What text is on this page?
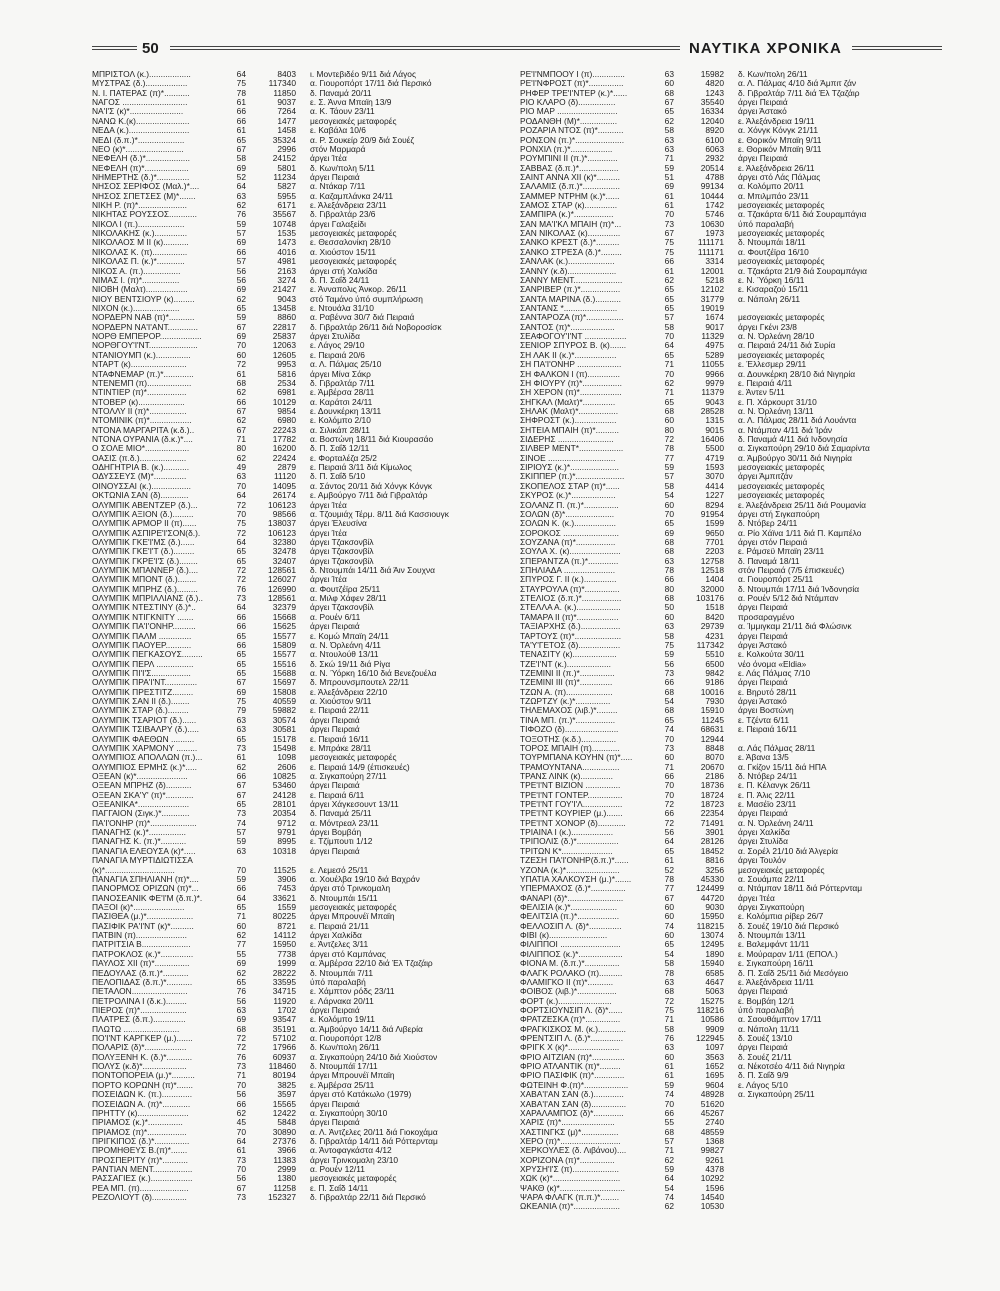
50	ΝΑΥΤΙΚΑ ΧΡΟΝΙΚΑ
ΜΠΡΙΣΤΟΛ (κ.)..................	64	8403 ι. Μοντεβιδέο 9/11 διά Λάγος
ΜΥΣΤΡΑΣ (δ.)..................	75	117340 α. Γιουροπόρτ 17/11 διά Περσικό
Ν. Ι. ΠΑΤΕΡΑΣ (π)*...........	78	11850 δ. Παναμά 20/11
ΝΑΓΟΣ ............................	61	9037 ε. Σ. Άννα Μπαϊη 13/9
ΝΑ'Ι'Σ (κ)*.......................	66	7264 α. Κ. Τάουν 23/11
ΝΑΝΩ Κ.(κ).......................	66	1477 μεσογειακές μεταφορές
ΝΕΔΑ (κ.)..........................	61	1458 ε. Καβάλα 10/6
ΝΕΔΙ (δ.π.)*....................	65	35324 α. Ρ. Σουκείρ 20/9 διά Σουέζ
ΝΕΟ (κ)*.........................	67	2996 στόν Μαρμαρά
ΝΕΦΕΛΗ (δ.)*...................	58	24152 άργει Ίτέα
ΝΕΦΕΛΗ (π)*...................	69	5801 δ. Κων/πολη 5/11
ΝΗΜΕΡΤΗΣ (δ.)*..............	52	11234 άργει Πειραιά
ΝΗΣΟΣ ΣΕΡΙΦΟΣ (Μαλ.)*....	64	5827 α. Ντάκαρ 7/11
ΝΗΣΟΣ ΣΠΕΤΣΕΣ (Μ)*.......	63	5955 α. Καζαμπλάνκα 24/11
ΝΙΚΗ Ρ. (π)*.....................	62	6171 ε. Άλεξάνδρεια 23/11
ΝΙΚΗΤΑΣ ΡΟΥΣΣΟΣ............	76	35567 δ. Γιβραλτάρ 23/6
ΝΙΚΟΛ Ι (π.)....................	59	10748 άργει Γαλαξείδι
ΝΙΚΟΛΑΚΗΣ (κ.)..............	57	1535 μεσογειακές μεταφορές
ΝΙΚΟΛΑΟΣ Μ ΙΙ (κ)...........	69	1473 ε. Θεσσαλονίκη 28/10
ΝΙΚΟΛΑΣ Κ. (π)...............	66	4016 α. Χιούστον 15/11
ΝΙΚΟΛΑΣ Π. (κ.)*............	57	4981 μεσογειακές μεταφορές
ΝΙΚΟΣ Α. (π.)................	56	2163 άργει στή Χαλκίδα
ΝΙΜΑΣ Ι. (π)*................	56	3274 δ. Π. Σαΐδ 24/11
ΝΙΟΒΗ (Μαλτ)..................	69	21427 ε. Άνναπολις Άνκορ. 26/11
ΝΙΟΥ ΒΕΝΤΣΙΟΥΡ (κ).........	62	9043 στό Ταμάνο ύπό συμπλήρωση
ΝΙΧΟΝ (κ.)....................	65	13458 ε. Ντουάλα 31/10
ΝΟΡΔΕΡΝ ΝΑΒ (π)*...........	59	8860 α. Ραβέννα 30/7 διά Πειραιά
ΝΟΡΔΕΡΝ ΝΑ'Ι'ΑΝΤ.............	67	22817 δ. Γιβραλτάρ 26/11 διά Νοβοροσίσκ
ΝΟΡΘ ΕΜΠΕΡΟΡ..................	69	25837 άργει Στυλίδα
ΝΟΡΘΓΟΥ'Ι'ΝΤ.....................	70	12063 ε. Λάγος 29/10
ΝΤΑΝΙΟΥΜΠ (κ.)...............	60	12605 ε. Πειραιά 20/6
ΝΤΑΡΤ (κ)........................	72	9953 α. Λ. Πάλμας 25/10
ΝΤΑΦΝΕΜΑΡ (π.)*.............	61	5816 άργει Μίνα Σάκρ
ΝΤΕΝΕΜΠ (π)...................	68	2534 δ. Γιβραλτάρ 7/11
ΝΤΙΝΤΙΕΡ (π)*.................	62	6981 ε. Άμβέρσα 28/11
ΝΤΟΒΕΡ (κ)....................	66	10129 α. Καράτσι 24/11
ΝΤΟΛΛΥ ΙΙ (π)*................	67	9854 ε. Δουνκέρκη 13/11
ΝΤΟΜΙΝΙΚ (π)*..................	62	6980 ε. Κολόμπο 2/10
ΝΤΟΝΑ ΜΑΡΓΑΡΙΤΑ (κ.δ.)..	67	22243 α. Σιλικάπ 28/11
ΝΤΟΝΑ ΟΥΡΑΝΙΑ (δ.κ.)*....	71	17782 α. Βοστώνη 18/11 διά Κιουρασάο
Ο ΣΟΛΕ ΜΙΟ*...................	80	16200 δ. Π. Σαΐδ 12/11
ΟΑΣΙΣ (π.δ.)....................	62	22424 ε. Φορταλέζα 25/2
ΟΔΗΓΗΤΡΙΑ Β. (κ.)...........	49	2879 ε. Πειραιά 3/11 διά Κίμωλος
ΟΔΥΣΣΕΥΣ (Μ)*..............	63	11120 δ. Π. Σαΐδ 5/10
ΟΙΝΟΥΣΣΑΙ (κ.).................	70	14095 α. Σάντος 20/11 διά Χόνγκ Κόνγκ
ΟΚΤΩΝΙΑ ΣΑΝ (δ)............	64	26174 ε. Αμβούργο 7/11 διά Γιβραλτάρ
ΟΛΥΜΠΙΚ ΑΒΕΝΤΖΕΡ (δ.)...	72	106123 άργει Ίτέα
ΟΛΥΜΠΙΚ ΑΞΙΟΝ (δ.).........	70	98566 α. Τζουμιάχ Τέρμ. 8/11 διά Κασσιουγκ
ΟΛΥΜΠΙΚ ΑΡΜΟΡ ΙΙ (π)......	75	138037 άργει Έλευσίνα
ΟΛΥΜΠΙΚ ΑΣΠΙΡΕ'Ι'ΣΟΝ(δ.).	72	106123 άργει Ίτέα
ΟΛΥΜΠΙΚ ΓΚΕ'Ι'ΜΣ (δ.)......	64	32380 άργει Τζακσονβίλ
ΟΛΥΜΠΙΚ ΓΚΕ'Ι'Τ (δ.).........	65	32478 άργει Τζακσονβίλ
ΟΛΥΜΠΙΚ ΓΚΡΕ'Ι'Σ (δ.)........	65	32407 άργει Τζακσονβίλ
ΟΛΥΜΠΙΚ ΜΠΑΝΝΕΡ (δ.)....	72	128561 δ. Ντουμπάι 14/11 διά Άιν Σουχνα
ΟΛΥΜΠΙΚ ΜΠΟΝΤ (δ.)........	72	126027 άργει Ίτέα
ΟΛΥΜΠΙΚ ΜΠΡΗΖ (δ.).........	76	126990 α. Φουτζέϊρα 25/11
ΟΛΥΜΠΙΚ ΜΠΡΙΛΛΙΑΝΣ (δ.)..	73	128561 α. Μιλφ Χάφεν 28/11
ΟΛΥΜΠΙΚ ΝΤΕΣΤΙΝΥ (δ.)*..	64	32379 άργει Τζακσονβίλ
ΟΛΥΜΠΙΚ ΝΤΙΓΚΝΙΤΥ .......	66	15668 α. Ρουέν 6/11
ΟΛΥΜΠΙΚ ΠΑ'Ι'ΟΝΗΡ..........	66	15625 άργει Πειραιά
ΟΛΥΜΠΙΚ ΠΑΛΜ ..............	65	15577 ε. Κομώ Μπαϊη 24/11
ΟΛΥΜΠΙΚ ΠΑΟΥΕΡ...........	66	15809 α. Ν. Όρλεάνη 4/11
ΟΛΥΜΠΙΚ ΠΕΓΚΑΣΟΥΣ.........	65	15577 α. Ντουλούθ 13/11
ΟΛΥΜΠΙΚ ΠΕΡΛ ................	65	15516 δ. Σκώ 19/11 διά Ρίγα
ΟΛΥΜΠΙΚ ΠΙ'Ι'Σ.................	65	15688 α. Ν. Ύόρκη 16/10 διά Βενεζουέλα
ΟΛΥΜΠΙΚ ΠΡΑ'Ι'ΝΤ..............	67	15697 δ. Μπρουνσμπουτελ 22/11
ΟΛΥΜΠΙΚ ΠΡΕΣΤΙΤΖ.........	69	15808 ε. Άλεξάνδρεια 22/10
ΟΛΥΜΠΙΚ ΣΑΝ ΙΙ (δ.)........	75	40559 α. Χιούστον 9/11
ΟΛΥΜΠΙΚ ΣΤΑΡ (δ.).........	79	59882 ε. Πειραιά 22/11
ΟΛΥΜΠΙΚ ΤΣΑΡΙΟΤ (δ.)......	63	30574 άργει Πειραιά
ΟΛΥΜΠΙΚ ΤΣΙΒΑΛΡΥ (δ.).....	63	30581 άργει Πειραιά
ΟΛΥΜΠΙΚ ΦΑΕΘΩΝ ..........	65	15178 ε. Πειραιά 16/11
ΟΛΥΜΠΙΚ ΧΑΡΜΟΝΥ .........	73	15498 ε. Μπράκε 28/11
ΟΛΥΜΠΙΟΣ ΑΠΟΛΛΩΝ (π.)...	61	1098 μεσογειακές μεταφορές
ΟΛΥΜΠΙΟΣ ΕΡΜΗΣ (κ.)*.....	62	2606 ε. Πειραιά 14/9 (έπισκευές)
ΟΞΕΑΝ (κ)*......................	66	10825 α. Σιγκαπούρη 27/11
ΟΞΕΑΝ ΜΠΡΗΖ (δ)...........	67	53460 άργει Πειραιά
ΟΞΕΑΝ ΣΚΑ'Υ' (π)*............	67	24128 ε. Πειραιά 6/11
ΟΞΕΑΝΙΚΑ*......................	65	28101 άργει Χάγκεσουντ 13/11
ΠΑΓΓΑΙΟΝ (Σιγκ.)*............	73	20354 δ. Παναμά 25/11
ΠΑ'Ι'ΟΝΗΡ (π)*....................	74	9712 α. Μόντρεαλ 23/11
ΠΑΝΑΓΗΣ (κ.)*................	57	9791 άργει Βομβάη
ΠΑΝΑΓΗΣ Κ. (π.)*...........	59	8995 ε. Τζίμπουτι 1/12
ΠΑΝΑΓΙΑ ΕΛΕΟΥΣΑ (κ)*.....	63	10318 άργει Πειραιά
ΠΑΝΑΓΙΑ ΜΥΡΤΙΔΙΩΤΙΣΣΑ
(κ)*..............................	70	11525 ε. Λεμεσό 25/11
ΠΑΝΑΓΙΑ ΣΠΗΛΙΑΝΗ (π)*....	59	3906 α. Χουέλβα 19/10 διά Βαχράν
ΠΑΝΟΡΜΟΣ ΟΡΙΖΩΝ (π)*...	66	7453 άργει στό Τρινκομαλη
ΠΑΝΟΣΕΑΝΙΚ ΦΕ'Ι'Μ (δ.π.)*.	64	33621 δ. Ντουμπάι 15/11
ΠΑΞΟΙ (κ)*......................	65	1559 μεσογειακές μεταφορές
ΠΑΣΙΘΕΑ (μ.)*....................	71	80225 άργει Μπρουνέϊ Μπαϊη
ΠΑΣΙΦΙΚ ΡΑ'Ι'ΝΤ (κ)*..........	60	8721 ε. Πειραιά 21/11
ΠΑΤΒΙΝ (π)......................	62	14112 άργει Χαλκίδα
ΠΑΤΡΙΤΣΙΑ Β.....................	77	15950 ε. Άντζελες 3/11
ΠΑΤΡΟΚΛΟΣ (κ.)*..............	55	7738 άργει στό Καμπάνας
ΠΑΥΛΟΣ ΧΙΙ (π)*...............	69	1999 α. Άμβέρσα 22/10 διά Έλ Τζαζάιρ
ΠΕΔΟΥΛΑΣ (δ.π.)*...........	62	28222 δ. Ντουμπάι 7/11
ΠΕΛΟΠΙΔΑΣ (δ.π.)*...........	65	33595 ύπό παραλαβή
ΠΕΤΑΛΟΝ........................	76	34715 ε. Χάμπτον ρόδς 23/11
ΠΕΤΡΟΛΙΝΑ Ι (δ.κ.).........	56	11920 ε. Λάρνακα 20/11
ΠΙΕΡΟΣ (π)*....................	63	1702 άργει Πειραιά
ΠΛΑΤΡΕΣ (δ.π.)..............	69	93547 ε. Κολόμπο 19/11
ΠΛΩΤΩ ........................	68	35191 α. Άμβούργο 14/11 διά Λιβερία
ΠΟ'Ι'ΝΤ ΚΑΡΓΚΕΡ (μ.).......	72	57102 α. Γιουροπόρτ 12/8
ΠΟΛΑΡΙΣ (δ)*..................	72	17966 δ. Κων/πολη 26/11
ΠΟΛΥΞΕΝΗ Κ. (δ.)*...........	76	60937 α. Σιγκαπούρη 24/10 διά Χιούστον
ΠΟΛΥΣ (κ.δ)*...................	73	118460 δ. Ντουμπάϊ 17/11
ΠΟΝΤΟΠΟΡΕΙΑ (μ.)*..........	71	80194 άργει Μπρουνέϊ Μπαϊη
ΠΟΡΤΟ ΚΟΡΩΝΗ (π)*.......	70	3825 ε. Άμβέρσα 25/11
ΠΟΣΕΙΔΩΝ Κ. (π.).............	56	3597 άργει στό Κατάκωλο (1979)
ΠΟΣΕΙΔΩΝ Α. (π)*............	66	15565 άργει Πειραιά
ΠΡΗΤΤΥ (κ)......................	62	12422 α. Σιγκαπούρη 30/10
ΠΡΙΑΜΟΣ (κ.)*...............	45	5848 άργει Πειραιά
ΠΡΙΑΜΟΣ (π)*.................	70	30890 α. Λ. Άντζελες 20/11 διά Γιοκοχάμα
ΠΡΙΓΚΙΠΟΣ (δ.)*...............	64	27376 δ. Γιβραλτάρ 14/11 διά Ρόττερνταμ
ΠΡΟΜΗΘΕΥΣ Β.(π)*.......	61	3966 α. Άντοφαγκάστα 4/12
ΠΡΟΣΠΕΡΙΤΥ (π)*...........	73	11383 άργει Τρινκομαλη 23/10
ΡΑΝΤΙΑΝ ΜΕΝΤ.................	70	2999 α. Ρουέν 12/11
ΡΑΣΣΑΓΙΕΣ (κ.)..................	56	1380 μεσογειακές μεταφορές
ΡΕΑ ΜΠ. (π).....................	67	11258 ε. Π. Σαΐδ 14/11
ΡΕΖΟΛΙΟΥΤ (δ)...............	73	152327 δ. Γιβραλτάρ 22/11 διά Περσικό
ΡΕ'Ι'ΝΜΠΟΟΥ Ι (π)..............	63	15982 δ. Κων/πολη 26/11
ΡΕ'Ι'ΝΦΡΟΣΤ (π)*...............	60	4820 α. Λ. Πάλμας 4/10 διά Άμπιτ ζάν
ΡΗΦΕΡ ΤΡΕ'Ι'ΝΤΕΡ (κ.)*......	68	1243 δ. Γιβραλτάρ 7/11 διά Έλ Τζαζάιρ
ΡΙΟ ΚΛΑΡΟ (δ)................	67	35540 άργει Πειραιά
ΡΙΟ ΜΑΡ ..........................	65	16334 άργει Άστακό
ΡΟΔΑΝΘΗ (Μ)*................	62	12040 ε. Άλεξάνδρεια 19/11
ΡΟΖΑΡΙΑ ΝΤΟΣ (π)*...........	58	8920 α. Χόνγκ Κόνγκ 21/11
ΡΟΝΣΟΝ (π.)*.....................	63	6100 ε. Θορικόν Μπαϊη 9/11
ΡΟΝΧΙΛ (π.)*..................	63	6063 ε. Θορικόν Μπαϊη 9/11
ΡΟΥΜΠΙΝΙ ΙΙ (π.)*.............	71	2932 άργει Πειραιά
ΣΑΒΒΑΣ (δ.π.)*.................	59	20514 ε. Άλεξάνδρεια 26/11
ΣΑΙΝΤ ΑΝΝΑ ΧΙΙ (κ)*..........	51	4788 άργει στό Λάς Πάλμας
ΣΑΛΑΜΙΣ (δ.π.)*................	69	99134 α. Κολόμπο 20/11
ΣΑΜΜΕΡ ΝΤΡΗΜ (κ.)*......	61	10444 α. Μπιλμπάο 23/11
ΣΑΜΟΣ ΣΤΑΡ (κ)..............	61	1742 μεσογειακές μεταφορές
ΣΑΜΠΙΡΑ (κ.)*.................	70	5746 α. Τζακάρτα 6/11 διά Σουραμπάγια
ΣΑΝ ΜΑ'Ι'ΚΛ ΜΠΑΙΗ (π)*...	73	10630 ύπό παραλαβή
ΣΑΝ ΝΙΚΟΛΑΣ (κ)..............	67	1973 μεσογειακές μεταφορές
ΣΑΝΚΟ ΚΡΕΣΤ (δ.)*..........	75	111171 δ. Ντουμπάι 18/11
ΣΑΝΚΟ ΣΤΡΕΣΑ (δ.)*.........	75	111171 α. Φουτζέϊρα 16/10
ΣΑΝΛΑΚ (κ.)....................	66	3314 μεσογειακές μεταφορές
ΣΑΝΝΥ (κ.δ).....................	61	12001 α. Τζακάρτα 21/9 διά Σουραμπάγια
ΣΑΝΝΥ ΜΕΝΤ.....................	62	5218 ε. Ν. Ύόρκη 16/11
ΣΑΝΡΙΒΕΡ (π.)*.................	65	12102 ε. Κισαραζού 15/11
ΣΑΝΤΑ ΜΑΡΙΝΑ (δ.)...........	65	31779 α. Νάπολη 26/11
ΣΑΝΤΑΝΣ *.......................	65	19019
ΣΑΝΤΑΡΟΖΑ (π)*................	57	1674 μεσογειακές μεταφορές
ΣΑΝΤΟΣ (π)*...................	58	9017 άργει Γκένι 23/8
ΣΕΑΦΟΓΟΥ'Ι'ΝΤ ..................	70	11329 α. Ν. Όρλεάνη 28/10
ΣΕΝΙΟΡ ΣΠΥΡΟΣ Β. (κ).......	64	4975 α. Πειραιά 24/11 διά Συρία
ΣΗ ΛΑΚ ΙΙ (κ.)*..................	65	5289 μεσογειακές μεταφορές
ΣΗ ΠΑ'Ι'ΟΝΗΡ ...................	71	11055 ε. Έλλεσμερ 29/11
ΣΗ ΦΑΛΚΟΝ Ι (π)..............	70	9966 α. Δουνκέρκη 28/10 διά Νιγηρία
ΣΗ ΦΙΟΥΡΥ (π)*.................	62	9979 ε. Πειραιά 4/11
ΣΗ ΧΕΡΟΝ (π)*..................	71	11379 ε. Άντεν 5/11
ΣΗΓΚΑΛ (Μαλτ)*..............	65	9043 ε. Π. Χάρκουρτ 31/10
ΣΗΛΑΚ (Μαλτ)*.................	68	28528 α. Ν. Όρλεάνη 13/11
ΣΗΦΡΟΣΤ (κ.)..................	60	1315 α. Λ. Πάλμας 28/11 διά Λουάντα
ΣΗΤΕΙΑ ΜΠΑΙΗ (π)*..........	80	9015 α. Ντάμπαν 4/11 διά Ίράν
ΣΙΔΕΡΗΣ ........................	72	16406 δ. Παναμά 4/11 διά Ινδονησία
ΣΙΛΒΕΡ ΜΕΝΤ*...................	78	5500 α. Σιγκαπούρη 29/10 διά Σαμαρίντα
ΣΙΝΟΕ .............................	77	4719 α. Άμβούργο 30/11 διά Νιγηρία
ΣΙΡΙΟΥΣ (κ.)*.....................	59	1593 μεσογειακές μεταφορές
ΣΚΙΠΠΕΡ (π.)*.....................	57	3070 άργει Άμπιτζάν
ΣΚΟΠΕΛΟΣ ΣΤΑΡ (π)*......	58	4414 μεσογειακές μεταφορές
ΣΚΥΡΟΣ (κ.)*...................	54	1227 μεσογειακές μεταφορές
ΣΟΛΑΝΖ Π. (π.)*...............	60	8294 ε. Άλεξάνδρεια 25/11 διά Ρουμανία
ΣΟΛΩΝ (δ)*.....................	70	91954 άργει στή Σιγκαπούρη
ΣΟΛΩΝ Κ. (κ.)..................	65	1599 δ. Ντόβερ 24/11
ΣΟΡΟΚΟΣ ........................	69	9650 α. Ρίο Χάϊνα 1/11 διά Π. Καμπέλο
ΣΟΥΖΑΝΑ (π)*.................	68	7701 άργει στόν Πειραιά
ΣΟΥΛΑ Χ. (κ)......................	68	2203 ε. Ράμσεϋ Μπαϊη 23/11
ΣΠΕΡΑΝΤΖΑ (π.)*.............	63	12758 δ. Παναμά 18/11
ΣΠΗΛΙΑΔΑ ......................	78	12518 στόν Πειραιά (7/5 έπισκευές)
ΣΠΥΡΟΣ Γ. ΙΙ (κ.)..............	66	1404 α. Γιουροπόρτ 25/11
ΣΤΑΥΡΟΥΛΑ (π)*...............	80	32000 δ. Ντουμπάι 17/11 διά Ίνδονησία
ΣΤΕΛΙΟΣ (δ.π.)*.................	68	103176 α. Ρουέν 5/12 διά Ντάμπαν
ΣΤΕΛΛΑ Α. (κ.)...................	50	1518 άργει Πειραιά
ΤΑΜΑΡΑ ΙΙ (π)*..................	60	8420 προσαραγμένο
ΤΑΞΙΑΡΧΗΣ (δ.).................	63	29739 α. Ίμμιγκαμ 21/11 διά Φλώσινκ
ΤΑΡΤΟΥΣ (π)*....................	58	4231 άργει Πειραιά
ΤΑ'Υ'ΓΕΤΟΣ (δ)..................	75	117342 άργει Άστακό
ΤΕΝΑΣΙΤΥ (κ)...................	59	5510 ε. Κολκούτα 30/11
ΤΖΕ'Ι'ΝΤ (κ.)...................	56	6500 νέο όνομα «Eldia»
ΤΖΕΜΙΝΙ ΙΙ (π.)*...............	73	9842 ε. Λάς Πάλμας 7/10
ΤΖΕΜΙΝΙ ΙΙΙ (π)*..............	66	9186 άργει Πειραιά
ΤΖΩΝ Α. (π)....................	68	10016 ε. Βηρυτό 28/11
ΤΖΩΡΤΖΥ (κ.)*...............	54	7930 άργει Άστακό
ΤΗΛΕΜΑΧΟΣ (λιβ.)*.........	68	15910 άργει Βοστώνη
ΤΙΝΑ ΜΠ. (π.)*.................	65	11245 ε. Τζέντα 6/11
ΤΙΦΟΖΟ (δ).......................	74	68631 ε. Πειραιά 16/11
ΤΟΞΟΤΗΣ (κ.δ.)...............	70	12944
ΤΟΡΟΣ ΜΠΑΙΗ (π)............	73	8848 α. Λάς Πάλμας 28/11
ΤΟΥΡΜΠΑΝΑ ΚΟΥΗΝ (π)*.....	60	8070 ε. Άβανα 13/5
ΤΡΑΜΟΥΝΤΑΝΑ................	71	20670 α. Γκίζον 15/11 διά ΗΠΑ
ΤΡΑΝΣ ΛΙΝΚ (κ)..............	66	2186 δ. Ντόβερ 24/11
ΤΡΕ'Ι'ΝΤ ΒΙΖΙΟΝ ...............	70	18736 ε. Π. Κέλανγκ 26/11
ΤΡΕ'Ι'ΝΤ ΓΟΝΤΕΡ...............	70	18724 ε. Π. Άλις 22/11
ΤΡΕ'Ι'ΝΤ ΓΟΥ'Ι'Λ.................	72	18723 ε. Μασέϊο 23/11
ΤΡΕ'Ι'ΝΤ ΚΟΥΡΙΕΡ (μ.).......	66	22354 άργει Πειραιά
ΤΡΕ'Ι'ΝΤ ΧΟΝΟΡ (δ)............	72	71491 α. Ν. Όρλεάνη 24/11
ΤΡΙΑΙΝΑ Ι (κ.)..................	56	3901 άργει Χαλκίδα
ΤΡΙΠΟΛΙΣ (δ.)*..................	64	28126 άργει Στυλίδα
ΤΡΙΤΩΝ Κ*......................	65	18452 α. Σορέλ 21/10 διά Άλγερία
ΤΖΕΣΗ ΠΑ'Ι'ΟΝΗΡ(δ.π.)*......	61	8816 άργει Τουλόν
ΥΖΟΝΑ (κ.)*.......................	52	3256 μεσογειακές μεταφορές
ΥΠΑΤΙΑ ΧΑΛΚΟΥΣΗ (μ.)*.......	78	45330 α. Σουάμπα 22/11
ΥΠΕΡΜΑΧΟΣ (δ.)*...............	77	124499 α. Ντάμπαν 18/11 διά Ρόττερνταμ
ΦΑΝΑΡΙ (δ)*........................	67	44720 άργει Ίτέα
ΦΕΛΙΣΙΑ (κ.)*....................	60	9030 άργει Σιγκαπούρη
ΦΕΛΙΤΣΙΑ (π.)*..................	60	15950 ε. Κολόμπια ρίβερ 26/7
ΦΕΛΛΟΣΙΠ Λ. (δ)*..............	74	118215 δ. Σουέζ 19/10 διά Περσικό
ΦΙΒΙ (κ).........................	60	13074 δ. Ντουμπάι 13/11
ΦΙΛΙΠΠΟΙ ..........................	65	12495 ε. Βαλεμφάντ 11/11
ΦΙΛΙΠΠΟΣ (κ.)*...................	54	1890 ε. Μούραραν 1/11 (ΕΠΟΛ.)
ΦΙΟΝΑ Μ. (δ.π.)*...............	58	15940 ε. Σιγκαπούρη 16/11
ΦΛΑΓΚ ΡΟΛΑΚΟ (π)..........	78	6585 δ. Π. Σαΐδ 25/11 διά Μεσόγειο
ΦΛΑΜΙΓΚΟ ΙΙ (π)*...........	63	4647 ε. Άλεξάνδρεια 11/11
ΦΟΙΒΟΣ (λιβ.)*.................	68	5063 άργει Πειραιά
ΦΟΡΤ (κ.).......................	72	15275 ε. Βομβάη 12/1
ΦΟΡΤΣΙΟΥΝΣΙΠ Λ. (δ)*......	75	118216 ύπό παραλαβή
ΦΡΑΤΖΕΣΚΑ (π)*...............	71	10586 α. Σαουθάμπτον 17/11
ΦΡΑΓΚΙΣΚΟΣ Μ. (κ.)............	58	9909 α. Νάπολη 11/11
ΦΡΕΝΤΣΙΠ Λ. (δ.)*..............	76	122945 δ. Σουέζ 13/10
ΦΡΙΓΚ Χ (κ)*......................	63	1097 άργει Πειραιά
ΦΡΙΟ ΑΙΤΖΙΑΝ (π)*..............	60	3563 δ. Σουέζ 21/11
ΦΡΙΟ ΑΤΛΑΝΤΙΚ (π)*.........	61	1652 α. Νέκοτσέο 4/11 διά Νιγηρία
ΦΡΙΟ ΠΑΣΙΦΙΚ (π)*.............	61	1695 δ. Π. Σαΐδ 9/9
ΦΩΤΕΙΝΗ Φ.(π)*...................	59	9604 ε. Λάγος 5/10
ΧΑΒΑ'Ι'ΑΝ ΣΑΝ (δ.).............	74	48928 α. Σιγκαπούρη 25/11
ΧΑΒΑ'Ι'ΑΝ ΣΑΝ (δ)...............	70	51620
ΧΑΡΑΛΑΜΠΟΣ (δ)*.............	66	45267
ΧΑΡΙΣ (π)*.......................	55	2740
ΧΑΣΤΙΝΓΚΣ (μ)*................	68	48559
ΧΕΡΟ (π)*..........................	57	1368
ΧΕΡΚΟΥΛΕΣ (δ. Λιβάνου)....	71	99827
ΧΟΡΙΖΟΝΑ (π)*...............	62	9261
ΧΡΥΣΗ'Ι'Σ (π)....................	59	4378
ΧΩΚ (κ)*.............................	64	10292
ΨΑΚΘ (κ)*............................	54	1596
ΨΑΡΑ ΦΛΑΓΚ (π.π.)*........	74	14540
ΩΚΕΑΝΙΑ (π)*....................	62	10530
